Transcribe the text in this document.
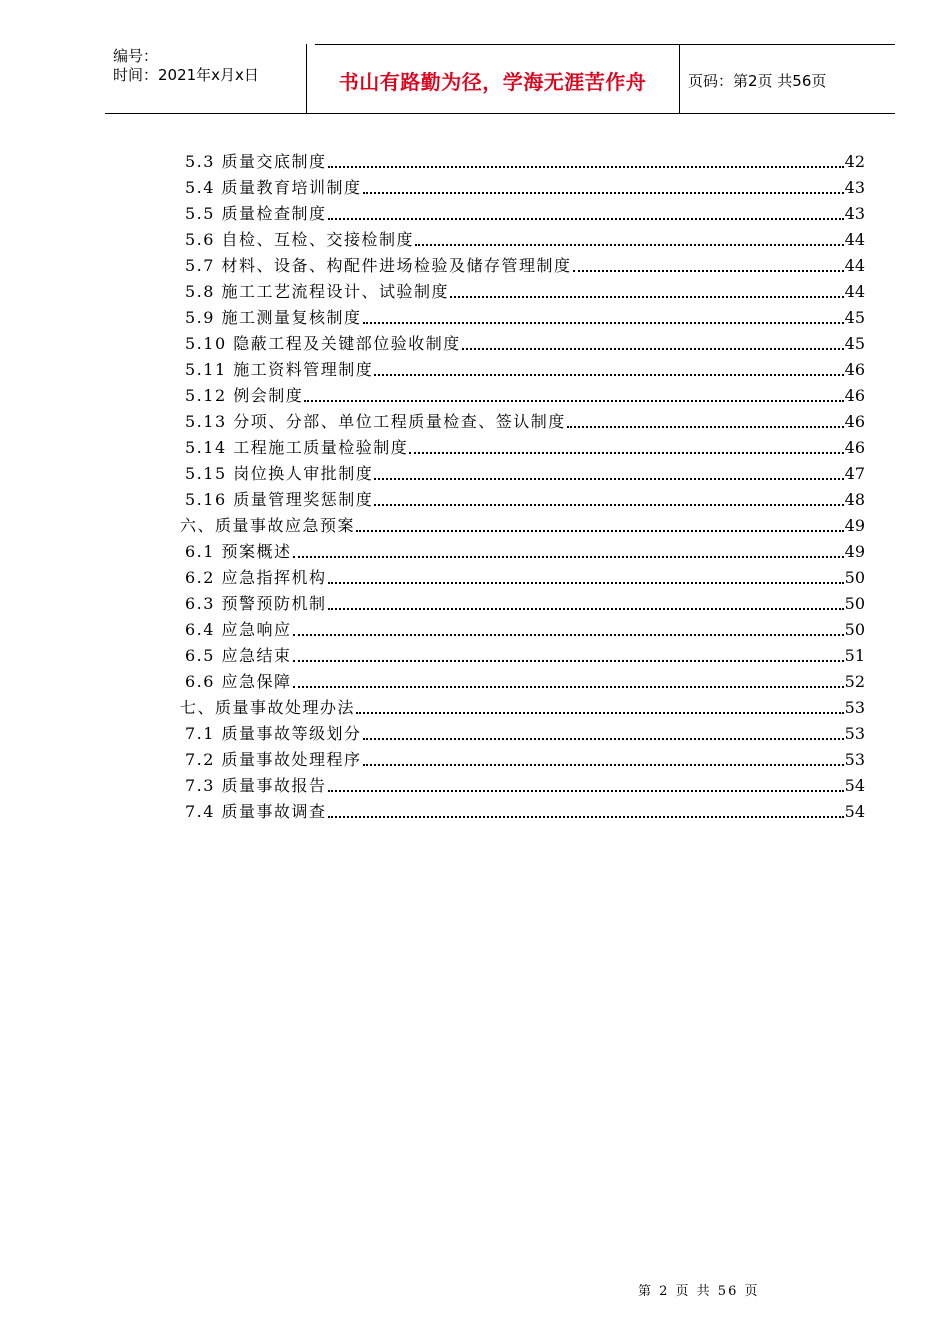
编号：
时间：2021年x月x日	书山有路勤为径，学海无涯苦作舟	页码：第2页 共56页
5.3 质量交底制度	42
5.4 质量教育培训制度	43
5.5 质量检查制度	43
5.6 自检、互检、交接检制度	44
5.7 材料、设备、构配件进场检验及储存管理制度	44
5.8 施工工艺流程设计、试验制度	44
5.9 施工测量复核制度	45
5.10 隐蔽工程及关键部位验收制度	45
5.11 施工资料管理制度	46
5.12 例会制度	46
5.13 分项、分部、单位工程质量检查、签认制度	46
5.14 工程施工质量检验制度	46
5.15 岗位换人审批制度	47
5.16 质量管理奖惩制度	48
六、质量事故应急预案	49
6.1 预案概述	49
6.2 应急指挥机构	50
6.3 预警预防机制	50
6.4 应急响应	50
6.5 应急结束	51
6.6 应急保障	52
七、质量事故处理办法	53
7.1 质量事故等级划分	53
7.2 质量事故处理程序	53
7.3 质量事故报告	54
7.4 质量事故调查	54
第 2 页 共 56 页
